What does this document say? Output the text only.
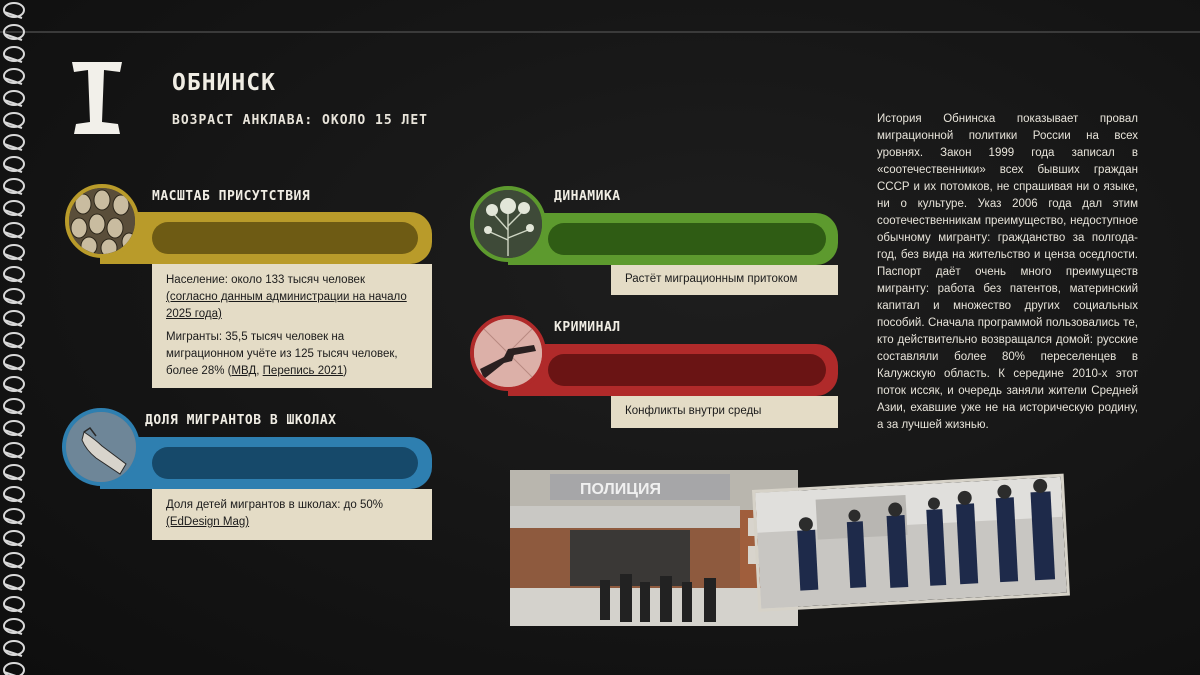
I
ОБНИНСК
ВОЗРАСТ АНКЛАВА: ОКОЛО 15 ЛЕТ
МАСШТАБ ПРИСУТСТВИЯ

Население: около 133 тысяч человек (согласно данным администрации на начало 2025 года)

Мигранты: 35,5 тысяч человек на миграционном учёте из 125 тысяч человек, более 28% (МВД, Перепись 2021)

ДОЛЯ МИГРАНТОВ В ШКОЛАХ

Доля детей мигрантов в школах: до 50%
(EdDesign Mag)

ДИНАМИКА

Растёт миграционным притоком

КРИМИНАЛ

Конфликты внутри среды

История Обнинска показывает провал миграционной политики России на всех уровнях. Закон 1999 года записал в «соотечественники» всех бывших граждан СССР и их потомков, не спрашивая ни о языке, ни о культуре. Указ 2006 года дал этим соотечественникам преимущество, недоступное обычному мигранту: гражданство за полгода-год, без вида на жительство и ценза оседлости. Паспорт даёт очень много преимуществ мигранту: работа без патентов, материнский капитал и множество других социальных пособий. Сначала программой пользовались те, кто действительно возвращался домой: русские составляли более 80% переселенцев в Калужскую область. К середине 2010-х этот поток иссяк, и очередь заняли жители Средней Азии, ехавшие уже не на историческую родину, а за лучшей жизнью.
ПОЛИЦИЯ
